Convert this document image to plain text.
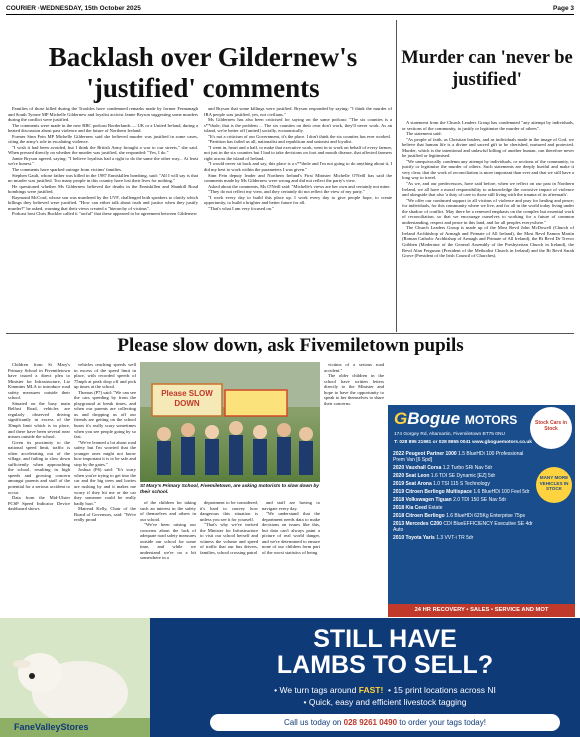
COURIER ·WEDNESDAY, 15th October 2025	Page 3
Backlash over Gildernew's 'justified' comments

Families of those killed during the Troubles have condemned remarks made by former Fermanagh and South Tyrone MP Michelle Gildernew and loyalist activist Jamie Bryson suggesting some murders during the conflict were justified.

The comments were made in the new BBC podcast Borderlands — UK or a United Ireland, during a heated discussion about past violence and the future of Northern Ireland.

Former Sinn Fein MP Michelle Gildernew said she believed murder was justified in some cases, citing the army's role in escalating violence.

"I wish it had been avoided, but I think the British Army brought a war to our streets," she said. When pressed directly on whether the murder was justified, she responded: "Yes, I do."

Jamie Bryson agreed, saying: "I believe loyalists had a right to do the same the other way... At least we're honest."

The comments have sparked outrage from victims' families.

Stephen Gault, whose father was killed in the 1987 Enniskillen bombing, said: "All I will say is that no murder was justified. Too many people in this country have lost their lives for nothing."

He questioned whether Ms Gildernew believed the deaths in the Enniskillen and Shankill Road bombings were justified.

Raymond McCord, whose son was murdered by the UVF, challenged both speakers to clarify which killings they believed were justified. "How can either talk about truth and justice when they justify murder?" he asked, warning that their views created a "hierarchy of victims".

Podcast host Chris Buckler called it "awful" that these appeared to be agreement between Gildernew

and Bryson that some killings were justified. Bryson responded by saying: "I think the murder of IRA people was justified, yes, not civilians."

Ms Gildernew has also been criticised for saying on the same podcast: "The six counties is a s**thole, that is the problem ... The six counties on their own don't work, they'll never work. As an island, we're better off [united] socially, economically.

"It's not a criticism of our Government, it's the place. I don't think the six counties has ever worked.

"Partition has failed us all, nationalist and republican and unionist and loyalist.

"I went in, heart and a half, to make that executive work, went in to work on behalf of every farmer, not just in the six counties but I had to take decisions on foot and mouth disease, that affected farmers right across the island of Ireland.

"I would never sit back and say, this place is a s**thole and I'm not going to do anything about it, I did my best to work within the parameters I was given."

Sinn Fein deputy leader and Northern Ireland's First Minister Michelle O'Neill has said the comments made by Ms Gildernew were wrong and did not reflect the party's view.

Asked about the comments, Ms O'Neill said: "Michelle's views are her own and certainly not mine.

"They do not reflect my view, and they certainly do not reflect the view of my party."

"I work every day to build this place up. I work every day to give people hope, to create opportunity, to build a brighter and better future for all.

"That's what I am very focused on."

Murder can 'never be justified'

A statement from the Church Leaders Group has condemned "any attempt by individuals, or sections of the community, to justify or legitimise the murder of others".

The statement said:

"As people of faith, as Christian leaders, and as individuals made in the image of God, we believe that human life is a divine and sacred gift to be cherished, nurtured and protected. Murder, which is the intentional and unlawful killing of another human, can therefore never be justified or legitimised.

"We unequivocally condemn any attempt by individuals, or sections of the community, to justify or legitimise the murder of others. Such statements are deeply hurtful and make it very clear, that the work of reconciliation is more important than ever and that we still have a long way to travel.

"As we, and our predecessors, have said before, when we reflect on our past in Northern Ireland, we all have a moral responsibility to acknowledge the corrosive impact of violence and alongside that also 'a duty of care to those still living with the trauma of its aftermath'.

"We offer our continued support to all victims of violence and pray for healing and peace; for individuals, for this community where we live, and for all in the world today living under the shadow of conflict. May there be a renewed emphasis on the complex but essential work of reconciliation, so that we encourage ourselves to working for a future of common understanding, respect and peace in this land, and for all peoples everywhere."

The Church Leaders Group is made up of the Most Revd John McDowell (Church of Ireland Archbishop of Armagh and Primate of All Ireland), the Most Revd Eamon Martin (Roman Catholic Archbishop of Armagh and Primate of All Ireland), the Rt Revd Dr Trevor Gribben (Moderator of the General Assembly of the Presbyterian Church in Ireland), the Revd Alan Ferguson (President of the Methodist Church in Ireland) and the Rt Revd Sarah Grove (President of the Irish Council of Churches).

Please slow down, ask Fivemiletown pupils

Children from St Mary's Primary School in Fivemiletown have issued a direct plea to Minister for Infrastructure, Liz Kimmins MLA to introduce road safety measures outside their school.

Situated on the busy main Belfast Road, vehicles are regularly observed driving significantly in excess of the 30mph limit which is in place, and there have been several near misses outside the school.

Given its proximity to the national speed limit, traffic is often accelerating out of the village, and failing to slow down sufficiently when approaching the school, resulting in high speeds and growing concern amongst parents and staff of the potential for a serious accident to occur.

Data from the Mid-Ulster PCSP Speed Indicator Device dashboard shows

vehicles reaching speeds well in excess of the speed limit in place, with recorded speeds of 75mph at peak drop off and pick up times at the school.

Thomas (P7) said: "We can see the cars speeding by from the playground at break times, and when our parents are collecting us and dropping us off our friends are getting on the school buses it's really scary sometimes when you see people going by so fast.

"We've learned a lot about road safety but I'm worried that the younger ones might not know how important it is to be safe and stop by the gates."

Joshua (P6) said: "It's scary when you're trying to get into the car and the big trees and lorries are rushing by and it makes me worry if they hit me or the car they someone could be really badly hurt."

Mairead Kelly, Chair of the Board of Governors, said: "We're really proud

Please SLOW DOWN
St Mary's Primary School, Fivemiletown, are asking motorists to slow down by their school.

of the children for taking such an interest in the safety of themselves and others in our school.

"We've been raising our concerns about the lack of adequate road safety measures outside our school for some time, and while we understand we're on a bit somewhere in a

department to be considered, it's hard to convey how dangerous this situation is unless you see it for yourself.

"That's why we've invited the Minister for Infrastructure to visit our school herself and witness the volume and speed of traffic that our bus drivers, families, school crossing patrol

and staff are having to navigate every day.

"We understand that the department needs data to make decisions on issues like this, but data can't always paint a picture of real world danger, and we're determined to ensure none of our children form part of the worst statistics of being

victims of a serious road accident."

The older children in the school have written letters directly to the Minister and hope to have the opportunity to speak to her themselves to share their concerns.

GBogue MOTORS	Stock Cars in Stock
174 Gorgey Rd, Altamartin, Fivemiletown BT75 0NU
T: 028 895 21981 or 028 8955 0041 www.gboguemotors.co.uk
2022 Peugeot Partner 1000 1.5 BlueHDi 100 Professional Prem Van [6 Spd]
2020 Vauxhall Corsa 1.2 Turbo SRi Nav 5dr
2020 Seat Leon 1.6 TDI SE Dynamic [EZ] 5dr
2019 Seat Arona 1.0 TSI 115 S Technology
2019 Citroen Berlingo Multispace 1.6 BlueHDi 100 Feel 5dr
2018 Volkswagen Tiguan 2.0 TDI 150 SE Nav 5dr
2018 Kia Ceed Estate
2018 Citroen Berlingo 1.6 BlueHDi 625Kg Enterprise 75ps
2013 Mercedes C200 CDI BlueEFFICIENCY Executive SE 4dr Auto
2010 Toyota Yaris 1.3 VVT-i TR 5dr
MANY MORE VEHICLES IN STOCK
24 HR RECOVERY • SALES • SERVICE AND MOT
FaneValleyStores
STILL HAVE
LAMBS TO SELL?
• We turn tags around FAST!  • 15 print locations across NI
• Quick, easy and efficient livestock tagging
Call us today on 028 9261 0490 to order your tags today!
